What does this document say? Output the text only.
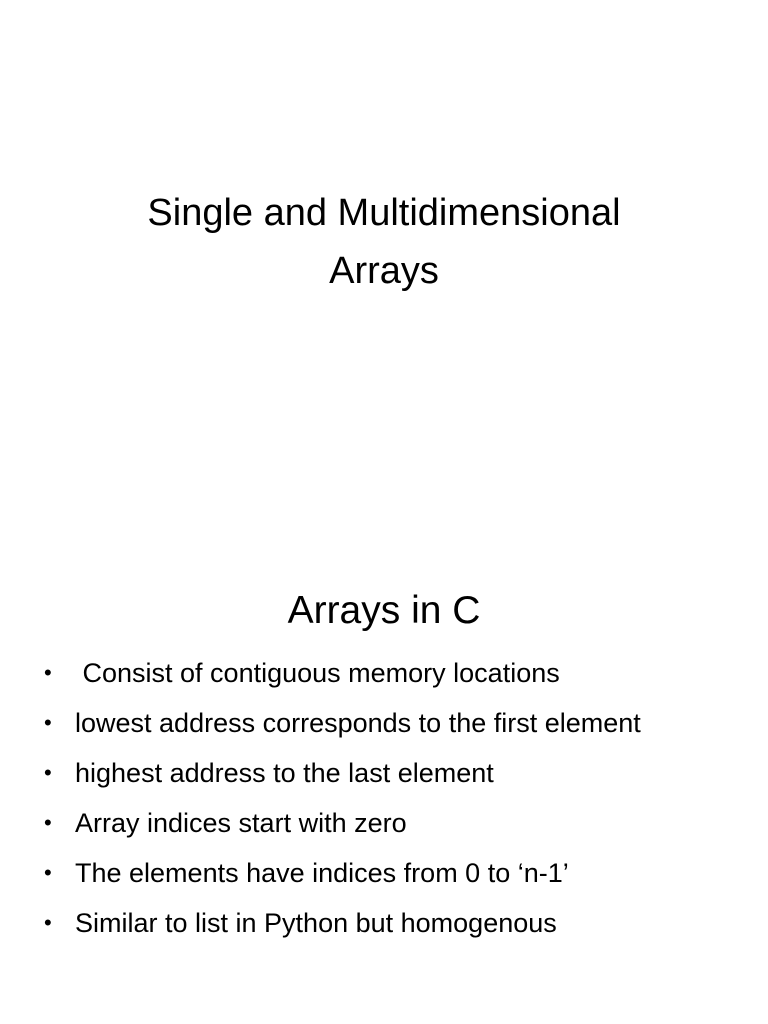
Single and Multidimensional
Arrays
Arrays in C
• Consist of contiguous memory locations
• lowest address corresponds to the first element
• highest address to the last element
• Array indices start with zero
• The elements have indices from 0 to ‘n-1’
• Similar to list in Python but homogenous
